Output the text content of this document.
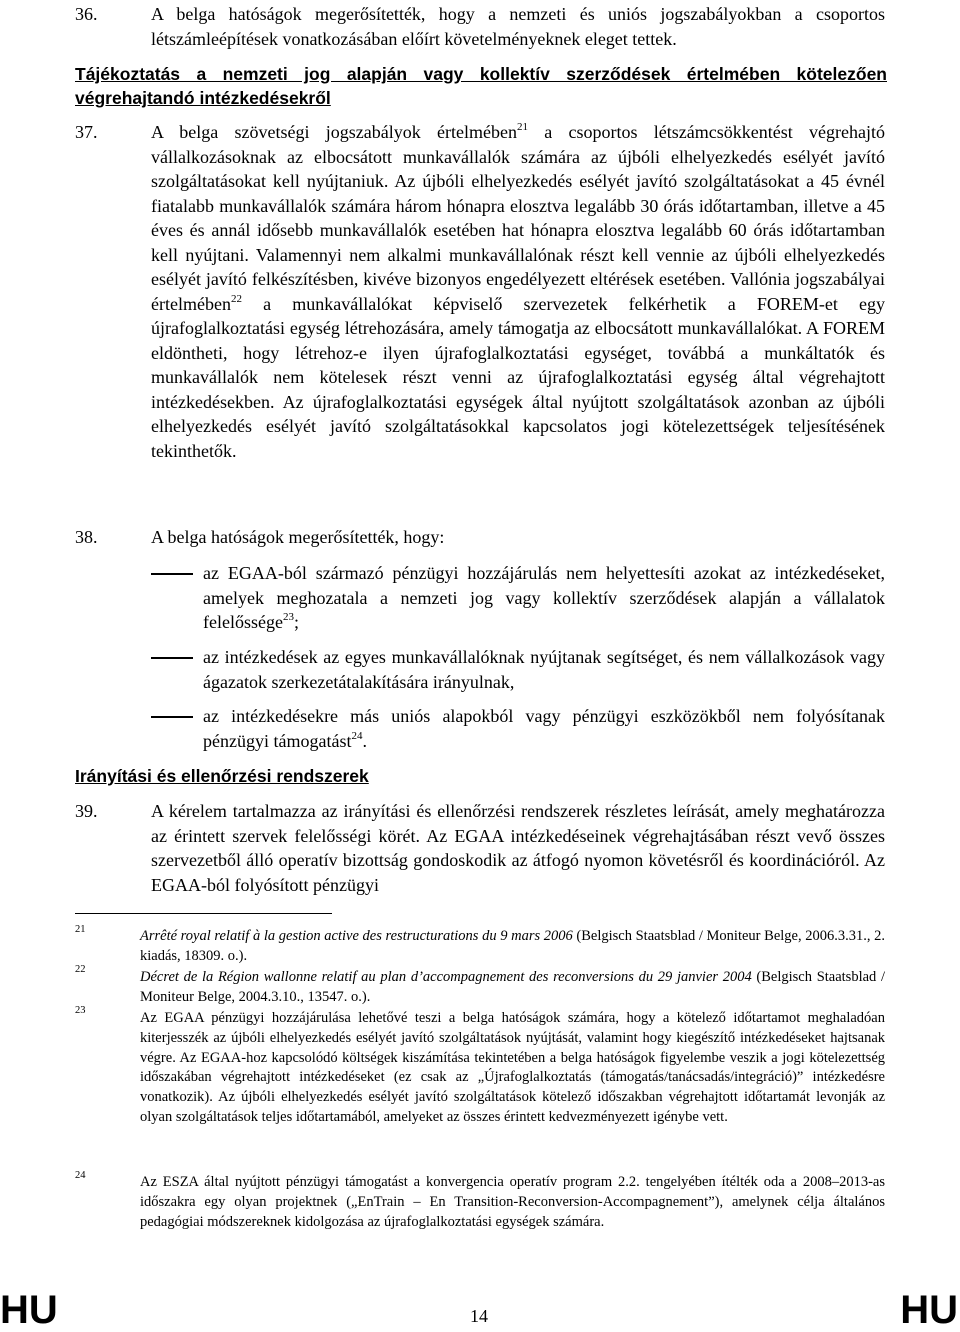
36.	A belga hatóságok megerősítették, hogy a nemzeti és uniós jogszabályokban a csoportos létszámleépítések vonatkozásában előírt követelményeknek eleget tettek.
Tájékoztatás a nemzeti jog alapján vagy kollektív szerződések értelmében kötelezően végrehajtandó intézkedésekről
37.	A belga szövetségi jogszabályok értelmében$^{21}$ a csoportos létszámcsökkentést végrehajtó vállalkozásoknak az elbocsátott munkavállalók számára az újbóli elhelyezkedés esélyét javító szolgáltatásokat kell nyújtaniuk. Az újbóli elhelyezkedés esélyét javító szolgáltatásokat a 45 évnél fiatalabb munkavállalók számára három hónapra elosztva legalább 30 órás időtartamban, illetve a 45 éves és annál idősebb munkavállalók esetében hat hónapra elosztva legalább 60 órás időtartamban kell nyújtani. Valamennyi nem alkalmi munkavállalónak részt kell vennie az újbóli elhelyezkedés esélyét javító felkészítésben, kivéve bizonyos engedélyezett eltérések esetében. Vallónia jogszabályai értelmében$^{22}$ a munkavállalókat képviselő szervezetek felkérhetik a FOREM-et egy újrafoglalkoztatási egység létrehozására, amely támogatja az elbocsátott munkavállalókat. A FOREM eldöntheti, hogy létrehoz-e ilyen újrafoglalkoztatási egységet, továbbá a munkáltatók és munkavállalók nem kötelesek részt venni az újrafoglalkoztatási egység által végrehajtott intézkedésekben. Az újrafoglalkoztatási egységek által nyújtott szolgáltatások azonban az újbóli elhelyezkedés esélyét javító szolgáltatásokkal kapcsolatos jogi kötelezettségek teljesítésének tekinthetők.
38.	A belga hatóságok megerősítették, hogy:
az EGAA-ból származó pénzügyi hozzájárulás nem helyettesíti azokat az intézkedéseket, amelyek meghozatala a nemzeti jog vagy kollektív szerződések alapján a vállalatok felelőssége$^{23}$;
az intézkedések az egyes munkavállalóknak nyújtanak segítséget, és nem vállalkozások vagy ágazatok szerkezetátalakítására irányulnak,
az intézkedésekre más uniós alapokból vagy pénzügyi eszközökből nem folyósítanak pénzügyi támogatást$^{24}$.
Irányítási és ellenőrzési rendszerek
39.	A kérelem tartalmazza az irányítási és ellenőrzési rendszerek részletes leírását, amely meghatározza az érintett szervek felelősségi körét. Az EGAA intézkedéseinek végrehajtásában részt vevő összes szervezetből álló operatív bizottság gondoskodik az átfogó nyomon követésről és koordinációról. Az EGAA-ból folyósított pénzügyi
21	Arrêté royal relatif à la gestion active des restructurations du 9 mars 2006 (Belgisch Staatsblad / Moniteur Belge, 2006.3.31., 2. kiadás, 18309. o.).
22	Décret de la Région wallonne relatif au plan d’accompagnement des reconversions du 29 janvier 2004 (Belgisch Staatsblad / Moniteur Belge, 2004.3.10., 13547. o.).
23	Az EGAA pénzügyi hozzájárulása lehetővé teszi a belga hatóságok számára, hogy a kötelező időtartamot meghaladóan kiterjesszék az újbóli elhelyezkedés esélyét javító szolgáltatások nyújtását, valamint hogy kiegészítő intézkedéseket hajtsanak végre. Az EGAA-hoz kapcsolódó költségek kiszámítása tekintetében a belga hatóságok figyelembe veszik a jogi kötelezettség időszakában végrehajtott intézkedéseket (ez csak az „Újrafoglalkoztatás (támogatás/tanácsadás/integráció)” intézkedésre vonatkozik). Az újbóli elhelyezkedés esélyét javító szolgáltatások kötelező időszakban végrehajtott időtartamát levonják az olyan szolgáltatások teljes időtartamából, amelyeket az összes érintett kedvezményezett igénybe vett.
24	Az ESZA által nyújtott pénzügyi támogatást a konvergencia operatív program 2.2. tengelyében ítélték oda a 2008–2013-as időszakra egy olyan projektnek („EnTrain – En Transition-Reconversion-Accompagnement”), amelynek célja általános pedagógiai módszereknek kidolgozása az újrafoglalkoztatási egységek számára.
HU	14	HU
